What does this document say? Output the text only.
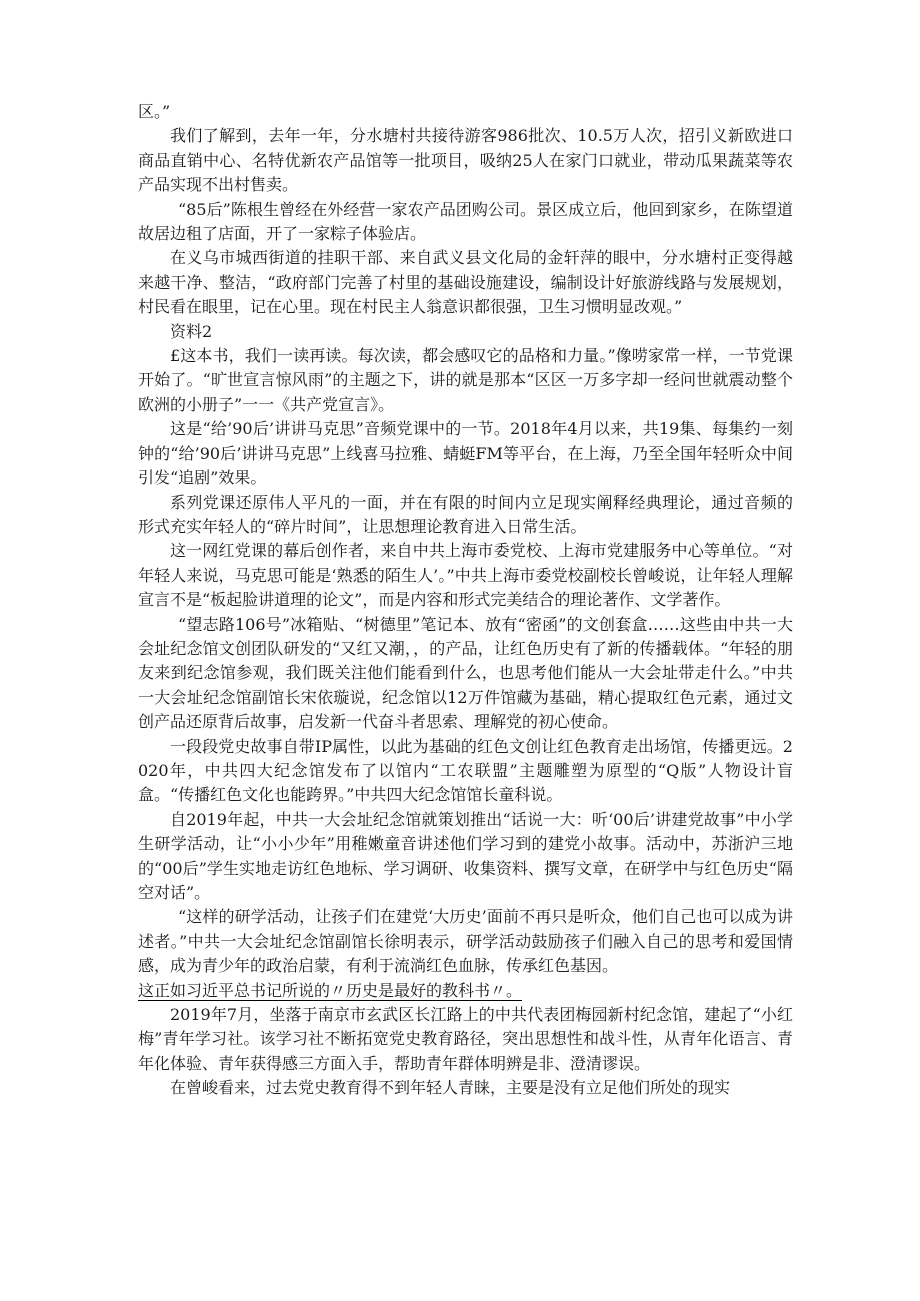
区。”

我们了解到，去年一年，分水塘村共接待游客986批次、10.5万人次，招引义新欧进口商品直销中心、名特优新农产品馆等一批项目，吸纳25人在家门口就业，带动瓜果蔬菜等农产品实现不出村售卖。

“85后”陈根生曾经在外经营一家农产品团购公司。景区成立后，他回到家乡，在陈望道故居边租了店面，开了一家粽子体验店。

在义乌市城西街道的挂职干部、来自武义县文化局的金轩萍的眼中，分水塘村正变得越来越干净、整洁，“政府部门完善了村里的基础设施建设，编制设计好旅游线路与发展规划，村民看在眼里，记在心里。现在村民主人翁意识都很强，卫生习惯明显改观。”

资料2

£这本书，我们一读再读。每次读，都会感叹它的品格和力量。”像唠家常一样，一节党课开始了。“旷世宣言惊风雨”的主题之下，讲的就是那本“区区一万多字却一经问世就震动整个欧洲的小册子”一一《共产党宣言》。

这是“给’90后’讲讲马克思”音频党课中的一节。2018年4月以来，共19集、每集约一刻钟的“给’90后’讲讲马克思”上线喜马拉雅、蜻蜓FM等平台，在上海，乃至全国年轻听众中间引发“追剧”效果。

系列党课还原伟人平凡的一面，并在有限的时间内立足现实阐释经典理论，通过音频的形式充实年轻人的“碎片时间”，让思想理论教育进入日常生活。

这一网红党课的幕后创作者，来自中共上海市委党校、上海市党建服务中心等单位。“对年轻人来说，马克思可能是‘熟悉的陌生人’。”中共上海市委党校副校长曾峻说，让年轻人理解宣言不是“板起脸讲道理的论文”，而是内容和形式完美结合的理论著作、文学著作。

“望志路106号”冰箱贴、“树德里”笔记本、放有“密函”的文创套盒……这些由中共一大会址纪念馆文创团队研发的“又红又潮，，的产品，让红色历史有了新的传播载体。“年轻的朋友来到纪念馆参观，我们既关注他们能看到什么，也思考他们能从一大会址带走什么。”中共一大会址纪念馆副馆长宋依璇说，纪念馆以12万件馆藏为基础，精心提取红色元素，通过文创产品还原背后故事，启发新一代奋斗者思索、理解党的初心使命。

一段段党史故事自带IP属性，以此为基础的红色文创让红色教育走出场馆，传播更远。2020年，中共四大纪念馆发布了以馆内“工农联盟”主题雕塑为原型的“Q版”人物设计盲盒。“传播红色文化也能跨界。”中共四大纪念馆馆长童科说。

自2019年起，中共一大会址纪念馆就策划推出“话说一大：听‘00后’讲建党故事”中小学生研学活动，让“小小少年”用稚嫩童音讲述他们学习到的建党小故事。活动中，苏浙沪三地的“00后”学生实地走访红色地标、学习调研、收集资料、撰写文章，在研学中与红色历史“隔空对话”。

“这样的研学活动，让孩子们在建党‘大历史’面前不再只是听众，他们自己也可以成为讲述者。”中共一大会址纪念馆副馆长徐明表示，研学活动鼓励孩子们融入自己的思考和爱国情感，成为青少年的政治启蒙，有利于流淌红色血脉，传承红色基因。

这正如习近平总书记所说的〃历史是最好的教科书〃。

2019年7月，坐落于南京市玄武区长江路上的中共代表团梅园新村纪念馆，建起了“小红梅”青年学习社。该学习社不断拓宽党史教育路径，突出思想性和战斗性，从青年化语言、青年化体验、青年获得感三方面入手，帮助青年群体明辨是非、澄清谬误。

在曾峻看来，过去党史教育得不到年轻人青睐，主要是没有立足他们所处的现实
